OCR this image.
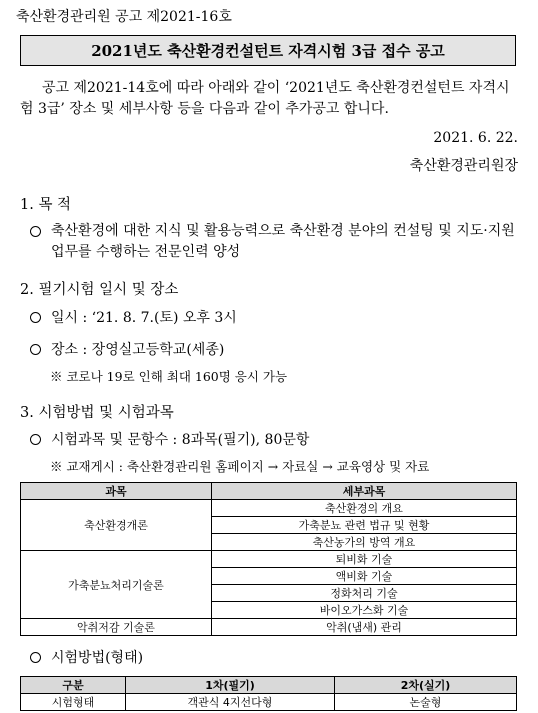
축산환경관리원 공고 제2021-16호
2021년도 축산환경컨설턴트 자격시험 3급 접수 공고
공고 제2021-14호에 따라 아래와 같이 ‘2021년도 축산환경컨설턴트 자격시험 3급’ 장소 및 세부사항 등을 다음과 같이 추가공고 합니다.
2021. 6. 22.
축산환경관리원장
1. 목 적
축산환경에 대한 지식 및 활용능력으로 축산환경 분야의 컨설팅 및 지도·지원업무를 수행하는 전문인력 양성
2. 필기시험 일시 및 장소
일시 : ‘21. 8. 7.(토) 오후 3시
장소 : 장영실고등학교(세종)
※ 코로나 19로 인해 최대 160명 응시 가능
3. 시험방법 및 시험과목
시험과목 및 문항수 : 8과목(필기), 80문항
※ 교재게시 : 축산환경관리원 홈페이지 → 자료실 → 교육영상 및 자료
과목	세부과목
축산환경개론	축산환경의 개요
	가축분뇨 관련 법규 및 현황
	축산농가의 방역 개요
가축분뇨처리기술론	퇴비화 기술
	액비화 기술
	정화처리 기술
	바이오가스화 기술
악취저감 기술론	악취(냄새) 관리
시험방법(형태)
구분	1차(필기)	2차(실기)
시험형태	객관식 4지선다형	논술형
